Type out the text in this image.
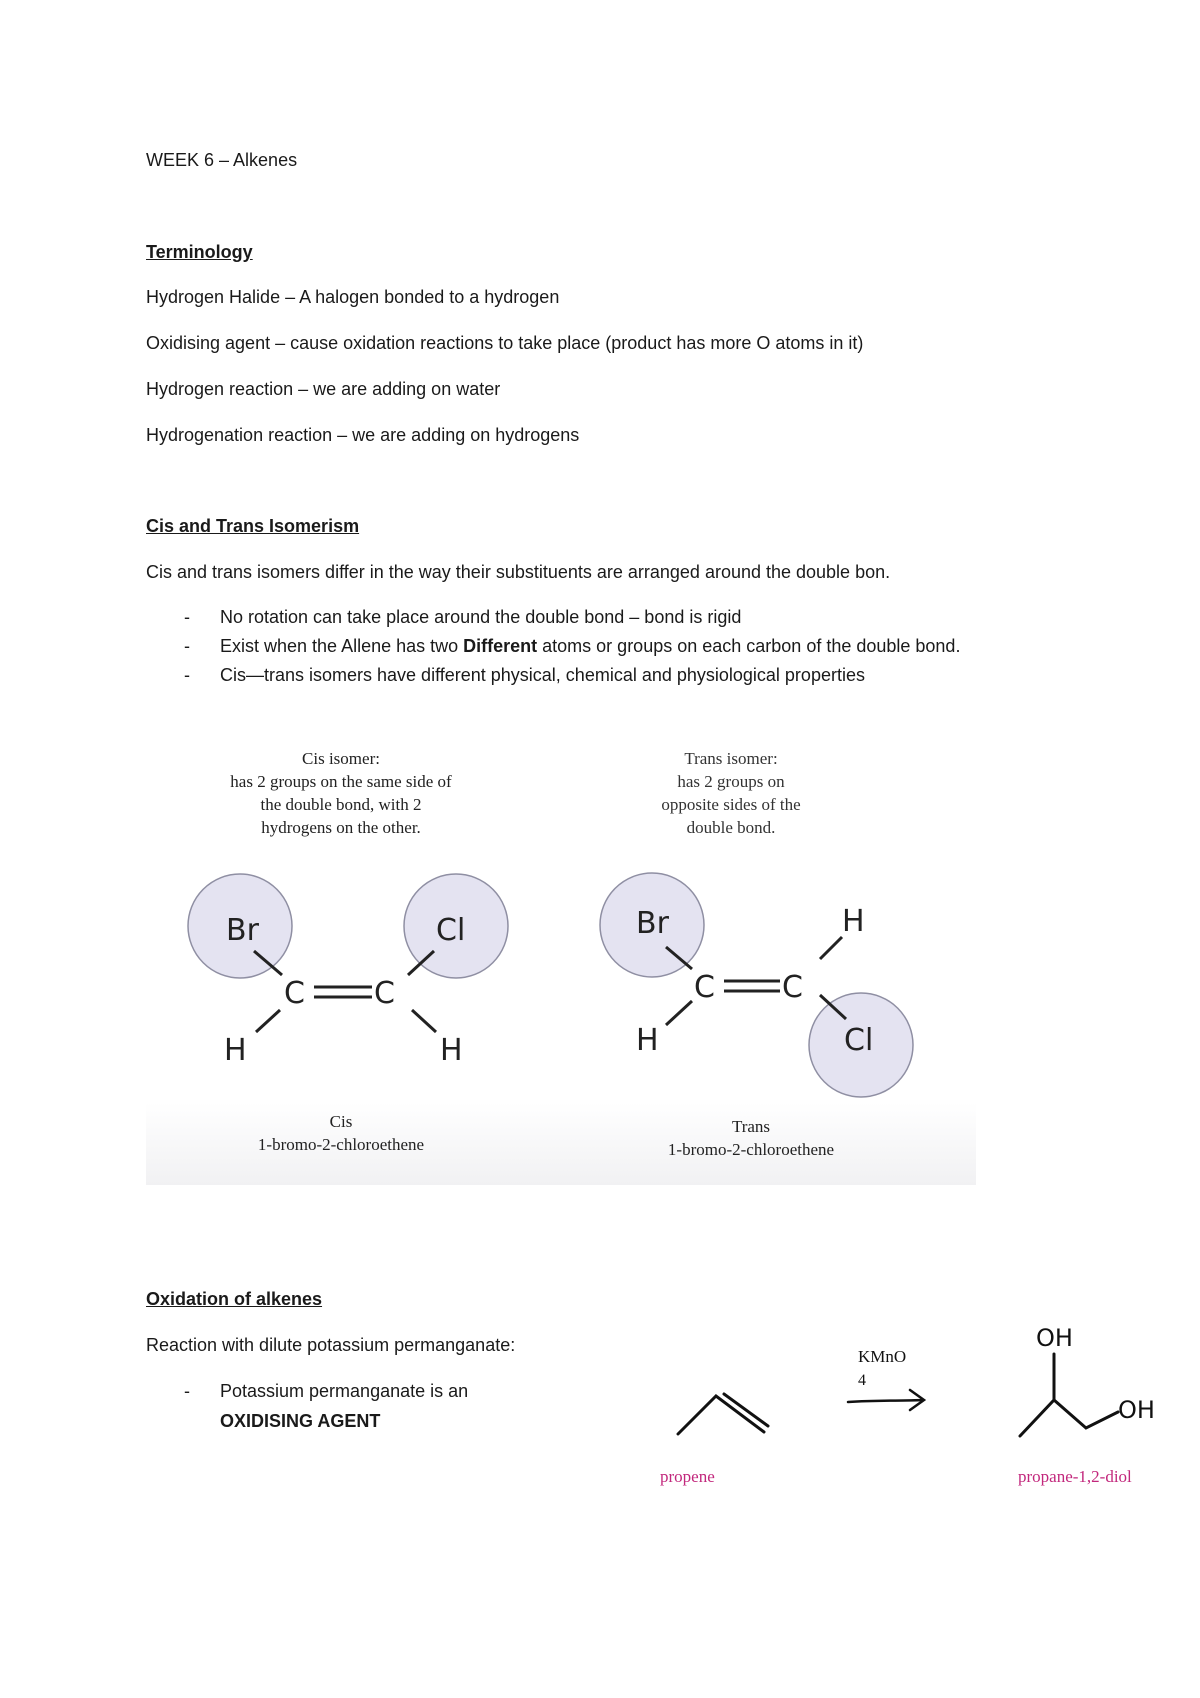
WEEK 6 – Alkenes
Terminology
Hydrogen Halide – A halogen bonded to a hydrogen
Oxidising agent – cause oxidation reactions to take place (product has more O atoms in it)
Hydrogen reaction – we are adding on water
Hydrogenation reaction – we are adding on hydrogens
Cis and Trans Isomerism
Cis and trans isomers differ in the way their substituents are arranged around the double bon.
-
No rotation can take place around the double bond – bond is rigid
-
Exist when the Allene has two Different atoms or groups on each carbon of the double bond.
-
Cis—trans isomers have different physical, chemical and physiological properties
Cis isomer:
has 2 groups on the same side of
the double bond, with 2
hydrogens on the other.
Trans isomer:
has 2 groups on
opposite sides of the
double bond.
Br	Cl
C C
H	H
Br	H
C C
H	Cl
Cis
1-bromo-2-chloroethene
Trans
1-bromo-2-chloroethene
Oxidation of alkenes
Reaction with dilute potassium permanganate:
-
Potassium permanganate is an
OXIDISING AGENT
propene
KMnO
4
OH
OH
propane-1,2-diol
